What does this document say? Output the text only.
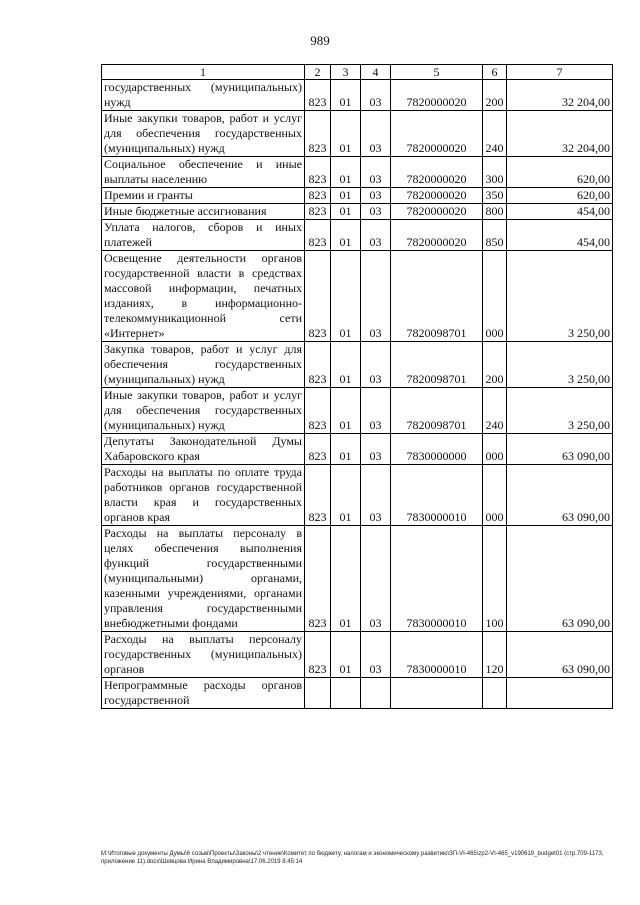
989
1	2	3	4	5	6	7
государственных (муниципальных) нужд	823	01	03	7820000020	200	32 204,00
Иные закупки товаров, работ и услуг для обеспечения государственных (муниципальных) нужд	823	01	03	7820000020	240	32 204,00
Социальное обеспечение и иные выплаты населению	823	01	03	7820000020	300	620,00
Премии и гранты	823	01	03	7820000020	350	620,00
Иные бюджетные ассигнования	823	01	03	7820000020	800	454,00
Уплата налогов, сборов и иных платежей	823	01	03	7820000020	850	454,00
Освещение деятельности органов государственной власти в средствах массовой информации, печатных изданиях, в информационно-телекоммуникационной сети «Интернет»	823	01	03	7820098701	000	3 250,00
Закупка товаров, работ и услуг для обеспечения государственных (муниципальных) нужд	823	01	03	7820098701	200	3 250,00
Иные закупки товаров, работ и услуг для обеспечения государственных (муниципальных) нужд	823	01	03	7820098701	240	3 250,00
Депутаты Законодательной Думы Хабаровского края	823	01	03	7830000000	000	63 090,00
Расходы на выплаты по оплате труда работников органов государственной власти края и государственных органов края	823	01	03	7830000010	000	63 090,00
Расходы на выплаты персоналу в целях обеспечения выполнения функций государственными (муниципальными) органами, казенными учреждениями, органами управления государственными внебюджетными фондами	823	01	03	7830000010	100	63 090,00
Расходы на выплаты персоналу государственных (муниципальных) органов	823	01	03	7830000010	120	63 090,00
Непрограммные расходы органов государственной						
M:\Итоговые документы Думы\6 созыв\Проекты\Законы\2 чтение\Комитет по бюджету, налогам и экономическому развитию\ЗП-VI-465\zp2-VI-465_v190619_budget01 (стр.709-1173, приложение 11).docx\Шевцова Ирина Владимировна\17.06.2019 8:45:14
